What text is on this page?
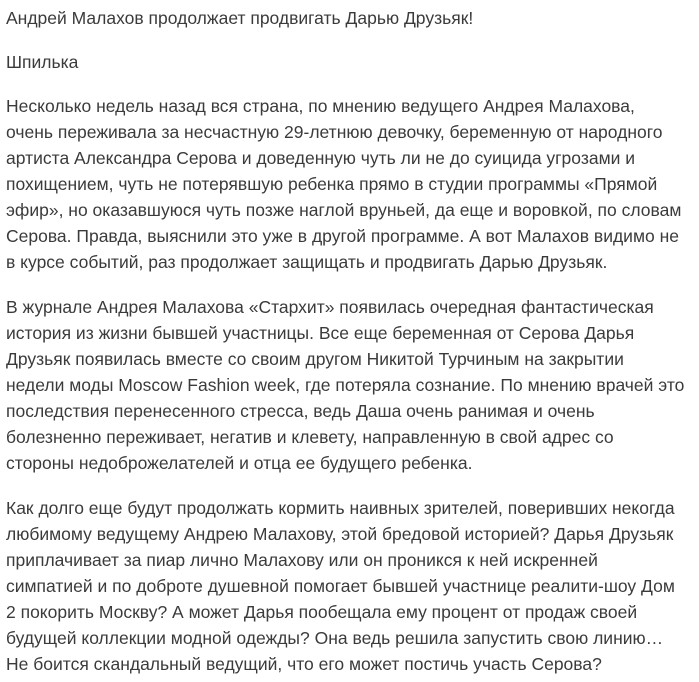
Андрей Малахов продолжает продвигать Дарью Друзьяк!

Шпилька

Несколько недель назад вся страна, по мнению ведущего Андрея Малахова,
очень переживала за несчастную 29-летнюю девочку, беременную от народного
артиста Александра Серова и доведенную чуть ли не до суицида угрозами и
похищением, чуть не потерявшую ребенка прямо в студии программы «Прямой
эфир», но оказавшуюся чуть позже наглой вруньей, да еще и воровкой, по словам
Серова. Правда, выяснили это уже в другой программе. А вот Малахов видимо не
в курсе событий, раз продолжает защищать и продвигать Дарью Друзьяк.

В журнале Андрея Малахова «Стархит» появилась очередная фантастическая
история из жизни бывшей участницы. Все еще беременная от Серова Дарья
Друзьяк появилась вместе со своим другом Никитой Турчиным на закрытии
недели моды Moscow Fashion week, где потеряла сознание. По мнению врачей это
последствия перенесенного стресса, ведь Даша очень ранимая и очень
болезненно переживает, негатив и клевету, направленную в свой адрес со
стороны недоброжелателей и отца ее будущего ребенка.

Как долго еще будут продолжать кормить наивных зрителей, поверивших некогда
любимому ведущему Андрею Малахову, этой бредовой историей? Дарья Друзьяк
приплачивает за пиар лично Малахову или он проникся к ней искренней
симпатией и по доброте душевной помогает бывшей участнице реалити-шоу Дом
2 покорить Москву? А может Дарья пообещала ему процент от продаж своей
будущей коллекции модной одежды? Она ведь решила запустить свою линию…
Не боится скандальный ведущий, что его может постичь участь Серова?
